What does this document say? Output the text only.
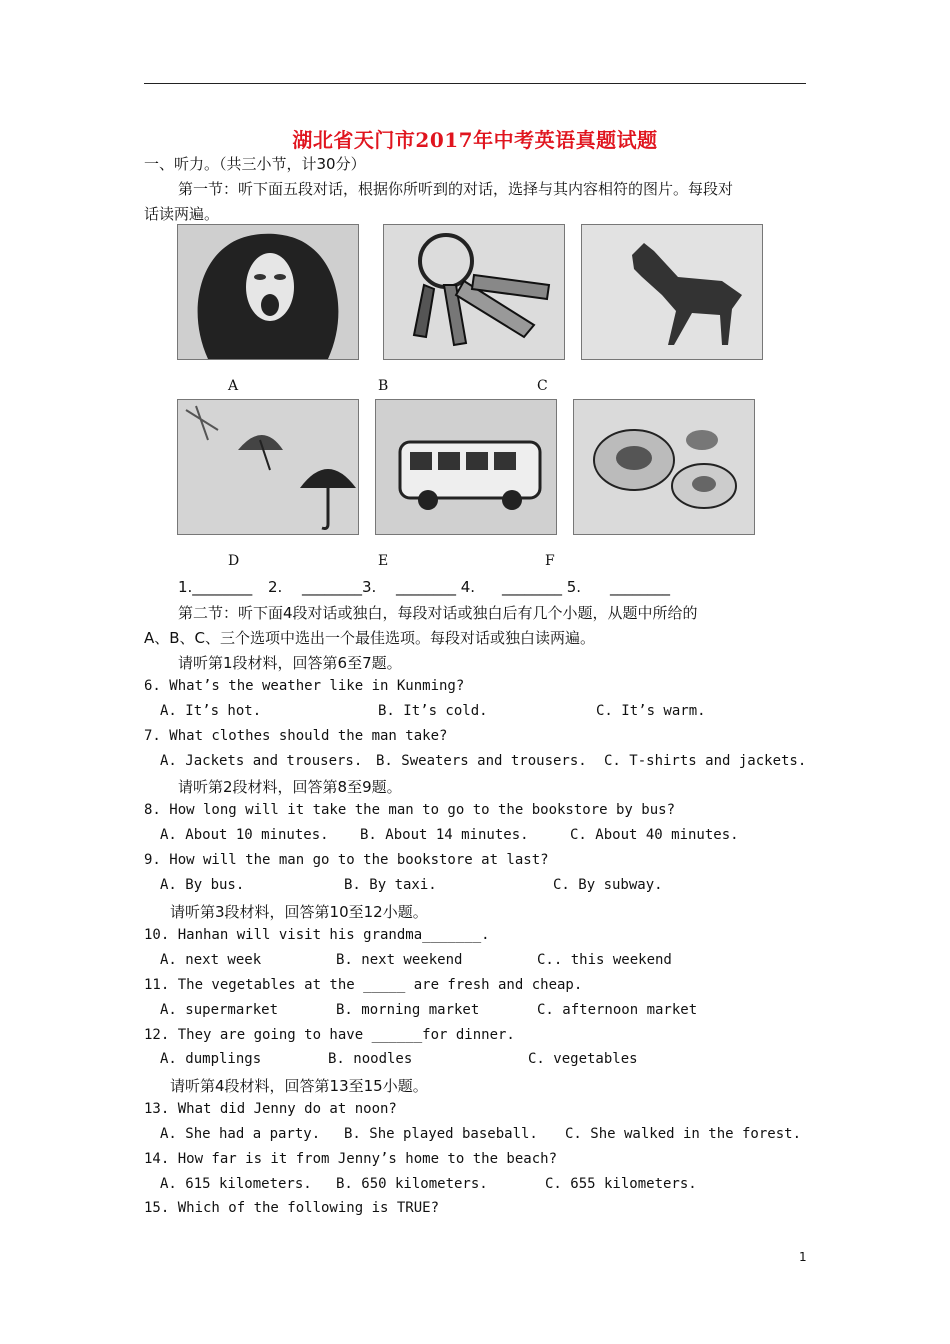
湖北省天门市2017年中考英语真题试题
一、听力。（共三小节，计30分）
第一节：听下面五段对话，根据你所听到的对话，选择与其内容相符的图片。每段对
话读两遍。
A	B	C
D	E	F
1.________ 2. ________3. ________ 4. ________ 5. ________
第二节：听下面4段对话或独白，每段对话或独白后有几个小题，从题中所给的
A、B、C、三个选项中选出一个最佳选项。每段对话或独白读两遍。
请听第1段材料，回答第6至7题。
6. What’s the weather like in Kunming?
A. It’s hot.	B. It’s cold.	C. It’s warm.
7. What clothes should the man take?
A. Jackets and trousers. B. Sweaters and trousers. C. T-shirts and jackets.
请听第2段材料，回答第8至9题。
8. How long will it take the man to go to the bookstore by bus?
A. About 10 minutes. B. About 14 minutes.	C. About 40 minutes.
9. How will the man go to the bookstore at last?
A. By bus.	B. By taxi.	C. By subway.
请听第3段材料，回答第10至12小题。
10. Hanhan will visit his grandma_______.
A. next week	B. next weekend	C.. this weekend
11. The vegetables at the _____ are fresh and cheap.
A. supermarket	B. morning market	C. afternoon market
12. They are going to have ______for dinner.
A. dumplings	B. noodles	C. vegetables
请听第4段材料，回答第13至15小题。
13. What did Jenny do at noon?
A. She had a party. B. She played baseball. C. She walked in the forest.
14. How far is it from Jenny’s home to the beach?
A. 615 kilometers. B. 650 kilometers.	C. 655 kilometers.
15. Which of the following is TRUE?
1
